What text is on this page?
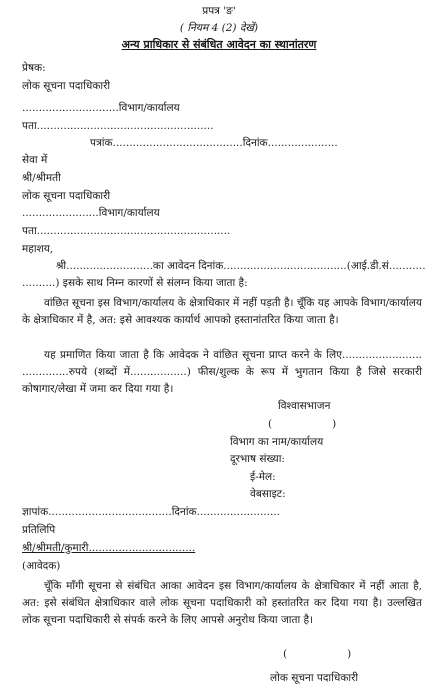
प्रपत्र 'ङ'
( नियम 4 (2) देखें)
अन्य प्राधिकार से संबंधित आवेदन का स्थानांतरण
प्रेषक:
लोक सूचना पदाधिकारी
.............................विभाग/कार्यालय
पता.....................................................
पत्रांक.......................................दिनांक.....................
सेवा में
श्री/श्रीमती
लोक सूचना पदाधिकारी
.......................विभाग/कार्यालय
पता..........................................................
महाशय,
श्री..........................का आवेदन दिनांक.....................................(आई.डी.सं...........
..........) इसके साथ निम्न कारणों से संलग्न किया जाता है:
वांछित सूचना इस विभाग/कार्यालय के क्षेत्राधिकार में नहीं पड़ती है। चूँकि यह आपके विभाग/कार्यालय के क्षेत्राधिकार में है, अत: इसे आवश्यक कार्यार्थ आपको हस्तानांतरित किया जाता है।
यह प्रमाणित किया जाता है कि आवेदक ने वांछित सूचना प्राप्त करने के लिए........................ ..............रुपये (शब्दों में.................) फीस/शुल्क के रूप में भुगतान किया है जिसे सरकारी कोषागार/लेखा में जमा कर दिया गया है।
विश्वासभाजन
(                  )
विभाग का नाम/कार्यालय
दूरभाष संख्या:
ई-मेल:
वेबसाइट:
ज्ञापांक.....................................दिनांक.........................
प्रतिलिपि
श्री/श्रीमती/कुमारी................................
(आवेदक)
चूँकि माँगी सूचना से संबंधित आका आवेदन इस विभाग/कार्यालय के क्षेत्राधिकार में नहीं आता है, अत: इसे संबंधित क्षेत्राधिकार वाले लोक सूचना पदाधिकारी को हस्तांतरित कर दिया गया है। उल्लखित लोक सूचना पदाधिकारी से संपर्क करने के लिए आपसे अनुरोध किया जाता है।
(                  )
लोक सूचना पदाधिकारी
